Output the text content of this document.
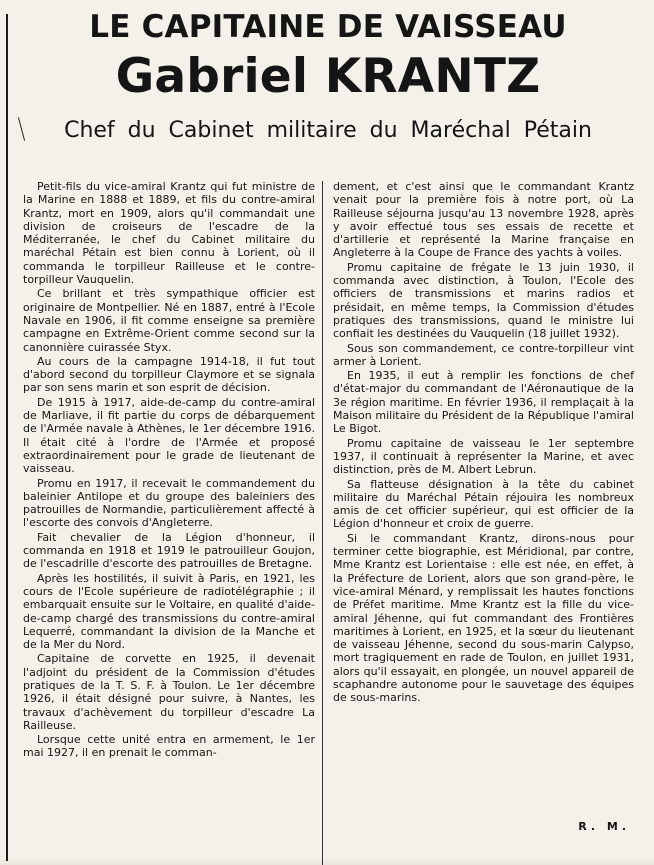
LE CAPITAINE DE VAISSEAU
Gabriel KRANTZ
Chef du Cabinet militaire du Maréchal Pétain

Petit-fils du vice-amiral Krantz qui fut ministre de la Marine en 1888 et 1889, et fils du contre-amiral Krantz, mort en 1909, alors qu'il commandait une division de croiseurs de l'escadre de la Méditerranée, le chef du Cabinet militaire du maréchal Pétain est bien connu à Lorient, où il commanda le torpilleur Railleuse et le contre-torpilleur Vauquelin.

Ce brillant et très sympathique officier est originaire de Montpellier. Né en 1887, entré à l'Ecole Navale en 1906, il fit comme enseigne sa première campagne en Extrême-Orient comme second sur la canonnière cuirassée Styx.

Au cours de la campagne 1914-18, il fut tout d'abord second du torpilleur Claymore et se signala par son sens marin et son esprit de décision.

De 1915 à 1917, aide-de-camp du contre-amiral de Marliave, il fit partie du corps de débarquement de l'Armée navale à Athènes, le 1er décembre 1916. Il était cité à l'ordre de l'Armée et proposé extraordinairement pour le grade de lieutenant de vaisseau.

Promu en 1917, il recevait le commandement du baleinier Antilope et du groupe des baleiniers des patrouilles de Normandie, particulièrement affecté à l'escorte des convois d'Angleterre.

Fait chevalier de la Légion d'honneur, il commanda en 1918 et 1919 le patrouilleur Goujon, de l'escadrille d'escorte des patrouilles de Bretagne.

Après les hostilités, il suivit à Paris, en 1921, les cours de l'Ecole supérieure de radiotélégraphie ; il embarquait ensuite sur le Voltaire, en qualité d'aide-de-camp chargé des transmissions du contre-amiral Lequerré, commandant la division de la Manche et de la Mer du Nord.

Capitaine de corvette en 1925, il devenait l'adjoint du président de la Commission d'études pratiques de la T. S. F. à Toulon. Le 1er décembre 1926, il était désigné pour suivre, à Nantes, les travaux d'achèvement du torpilleur d'escadre La Railleuse.

Lorsque cette unité entra en armement, le 1er mai 1927, il en prenait le comman-

dement, et c'est ainsi que le commandant Krantz venait pour la première fois à notre port, où La Railleuse séjourna jusqu'au 13 novembre 1928, après y avoir effectué tous ses essais de recette et d'artillerie et représenté la Marine française en Angleterre à la Coupe de France des yachts à voiles.

Promu capitaine de frégate le 13 juin 1930, il commanda avec distinction, à Toulon, l'Ecole des officiers de transmissions et marins radios et présidait, en même temps, la Commission d'études pratiques des transmissions, quand le ministre lui confiait les destinées du Vauquelin (18 juillet 1932).

Sous son commandement, ce contre-torpilleur vint armer à Lorient.

En 1935, il eut à remplir les fonctions de chef d'état-major du commandant de l'Aéronautique de la 3e région maritime. En février 1936, il remplaçait à la Maison militaire du Président de la République l'amiral Le Bigot.

Promu capitaine de vaisseau le 1er septembre 1937, il continuait à représenter la Marine, et avec distinction, près de M. Albert Lebrun.

Sa flatteuse désignation à la tête du cabinet militaire du Maréchal Pétain réjouira les nombreux amis de cet officier supérieur, qui est officier de la Légion d'honneur et croix de guerre.

Si le commandant Krantz, dirons-nous pour terminer cette biographie, est Méridional, par contre, Mme Krantz est Lorientaise : elle est née, en effet, à la Préfecture de Lorient, alors que son grand-père, le vice-amiral Ménard, y remplissait les hautes fonctions de Préfet maritime. Mme Krantz est la fille du vice-amiral Jéhenne, qui fut commandant des Frontières maritimes à Lorient, en 1925, et la sœur du lieutenant de vaisseau Jéhenne, second du sous-marin Calypso, mort tragiquement en rade de Toulon, en juillet 1931, alors qu'il essayait, en plongée, un nouvel appareil de scaphandre autonome pour le sauvetage des équipes de sous-marins.

R. M.
